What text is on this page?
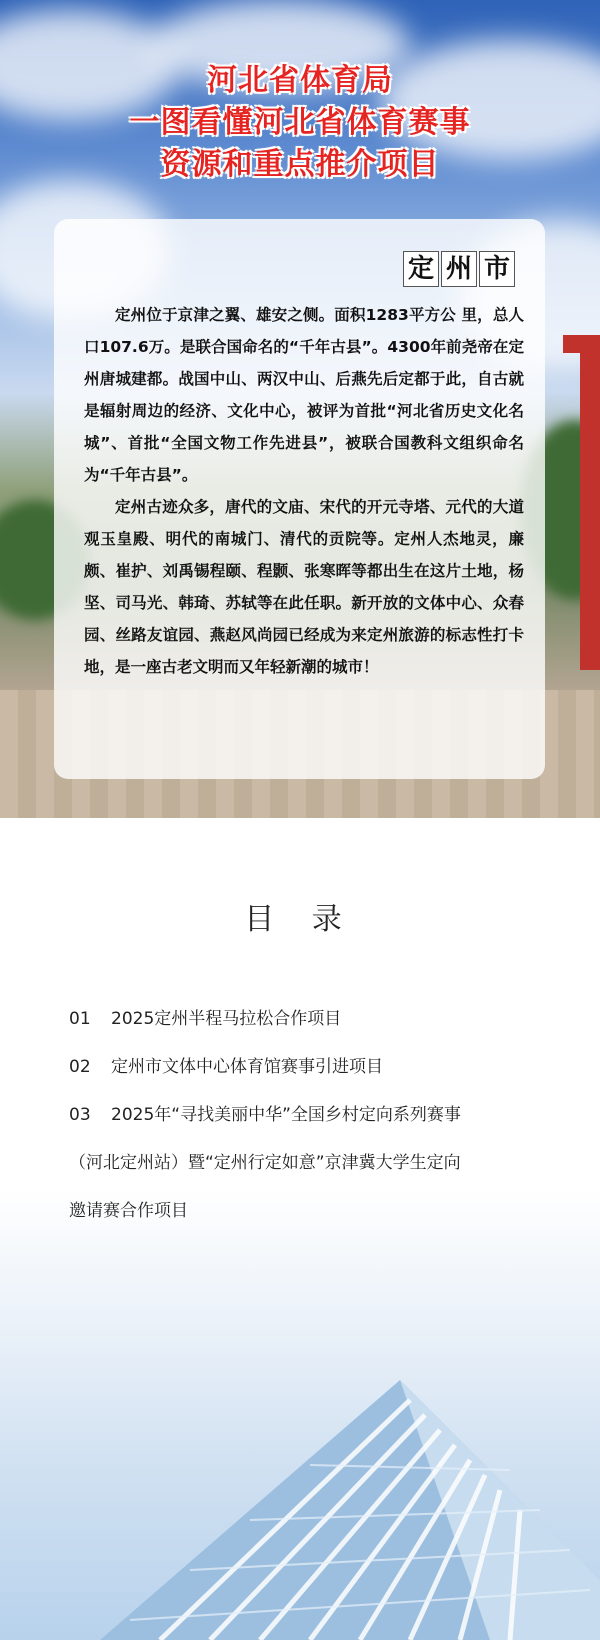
河北省体育局
一图看懂河北省体育赛事
资源和重点推介项目
定 州 市

定州位于京津之翼、雄安之侧。面积1283平方公 里，总人口107.6万。是联合国命名的“千年古县”。4300年前尧帝在定州唐城建都。战国中山、两汉中山、后燕先后定都于此，自古就是辐射周边的经济、文化中心，被评为首批“河北省历史文化名城”、首批“全国文物工作先进县”，被联合国教科文组织命名为“千年古县”。

定州古迹众多，唐代的文庙、宋代的开元寺塔、元代的大道观玉皇殿、明代的南城门、清代的贡院等。定州人杰地灵，廉颇、崔护、刘禹锡程颐、程颢、张寒晖等都出生在这片土地，杨坚、司马光、韩琦、苏轼等在此任职。新开放的文体中心、众春园、丝路友谊园、燕赵风尚园已经成为来定州旅游的标志性打卡地，是一座古老文明而又年轻新潮的城市！

目 录
01 2025定州半程马拉松合作项目
02 定州市文体中心体育馆赛事引进项目
03 2025年“寻找美丽中华”全国乡村定向系列赛事
（河北定州站）暨“定州行定如意”京津冀大学生定向
邀请赛合作项目
